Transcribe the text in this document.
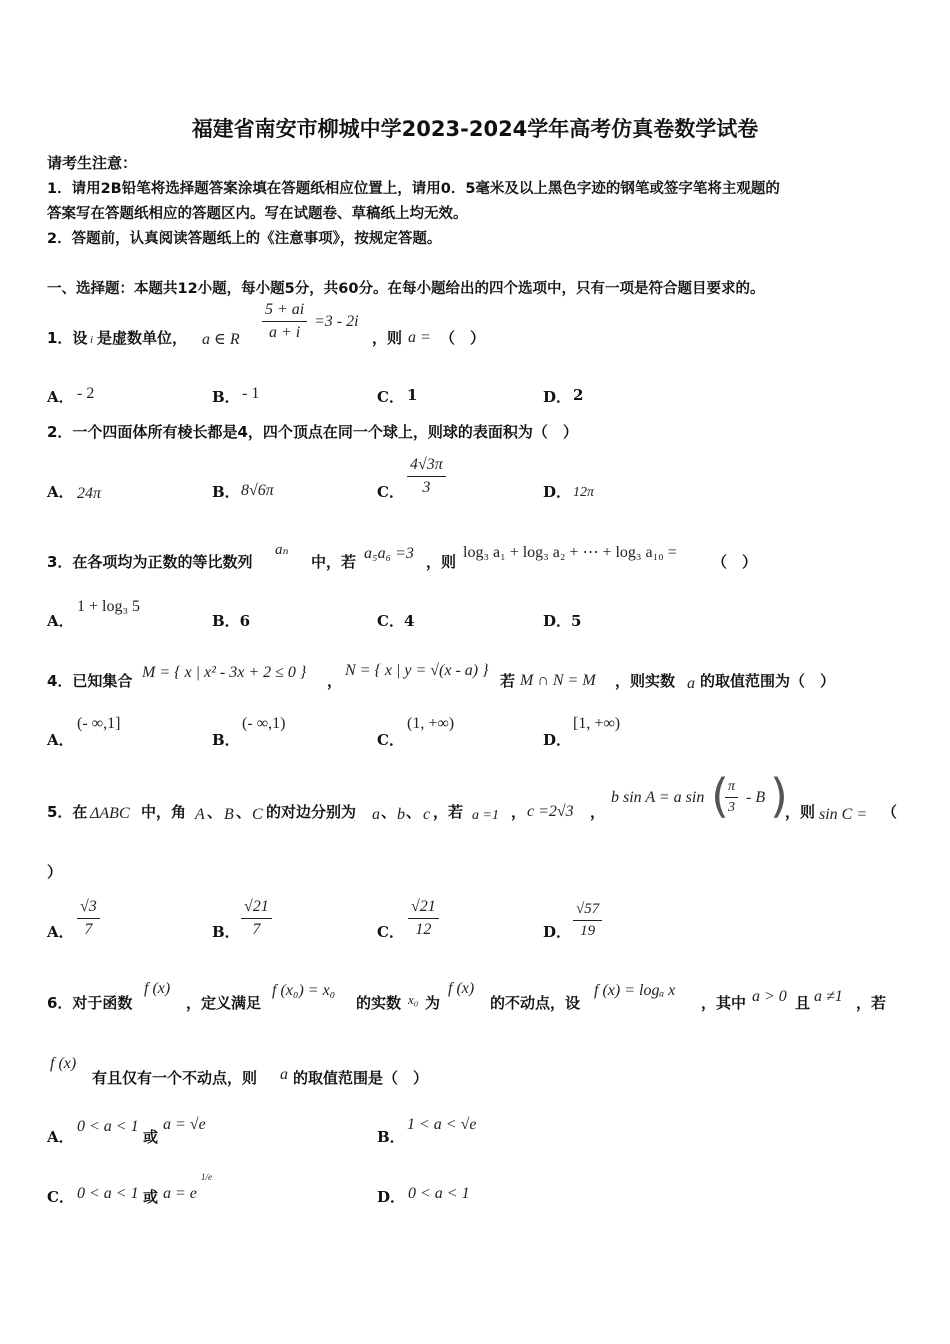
福建省南安市柳城中学2023-2024学年高考仿真卷数学试卷
请考生注意：
1．请用2B铅笔将选择题答案涂填在答题纸相应位置上，请用0．5毫米及以上黑色字迹的钢笔或签字笔将主观题的
答案写在答题纸相应的答题区内。写在试题卷、草稿纸上均无效。
2．答题前，认真阅读答题纸上的《注意事项》，按规定答题。
一、选择题：本题共12小题，每小题5分，共60分。在每小题给出的四个选项中，只有一项是符合题目要求的。
1．设 i 是虚数单位， a ∈ R $\frac{5 + ai}{a + i} =3 - 2i$
，则 a = （　）
A． - 2	B． - 1	C． 1	D． 2
2．一个四面体所有棱长都是4，四个顶点在同一个球上，则球的表面积为（　）
A． 24π	B． 8√6π	C． $\frac{4√3\pi}{3}$	D． 12π
3．在各项均为正数的等比数列
aₙ
中，若 a₅a₆ =3 ，则
log₃ a₁ + log₃ a₂ + ⋯ + log₃ a₁₀ =
（　）
A．
1 + log₃ 5
B．6	C．4	D．5
4．已知集合 M = { x | x² - 3x + 2 ≤ 0 } ，
N = { x | y = √(x - a) }
若 M ∩ N = M ，则实数 a 的取值范围为（　）
A．
(- ∞,1]
B．
(- ∞,1)
C．
(1, +∞)
D．
[1, +∞)
5．在 ΔABC 中，角 A 、 B 、 C 的对边分别为 a 、 b 、 c ，若 a =1 ， c =2√3 ，
b sin A = a sin (
$\frac{\pi}{3}$ - B )
，则 sin C = （
）
A． $\frac{√3}{7}$	B． $\frac{√21}{7}$	C． $\frac{√21}{12}$	D． $\frac{√57}{19}$
6．对于函数
f (x)
，定义满足
f (x₀) = x₀
的实数 x₀ 为
f (x)
的不动点，设
f (x) = logₐ x
，其中 a > 0 且 a ≠1 ，若
f (x)
有且仅有一个不动点，则 a 的取值范围是（　）
A．
0 < a < 1
或
a = √e
B．
1 < a < √e
C． 0 < a < 1 或 a = e
1/e
D． 0 < a < 1
